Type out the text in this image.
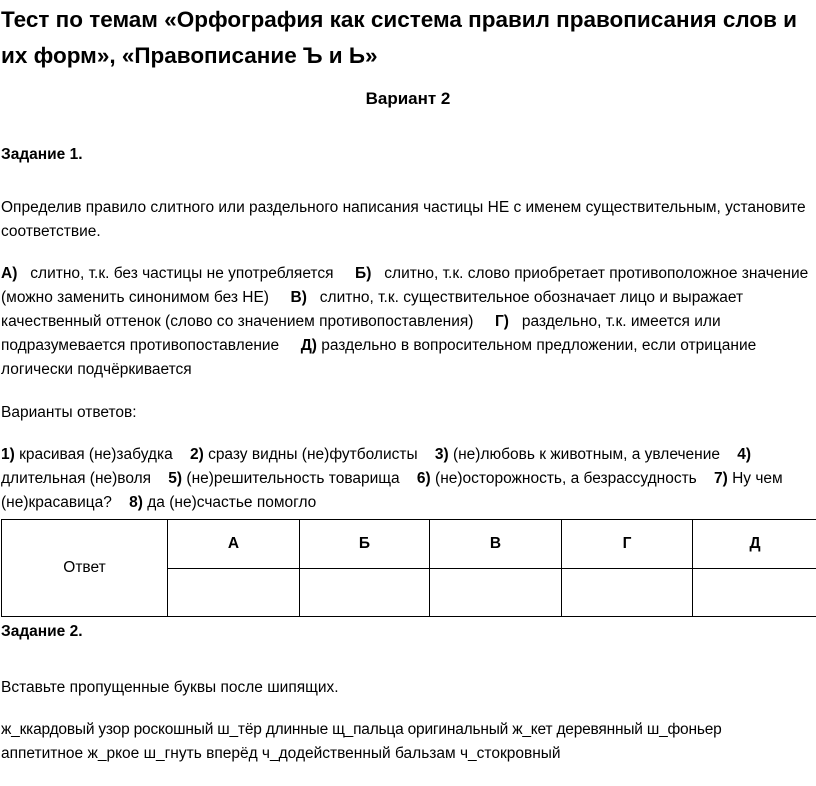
Тест по темам «Орфография как система правил правописания слов и их форм», «Правописание Ъ и Ь»
Вариант 2
Задание 1.
Определив правило слитного или раздельного написания частицы НЕ с именем существительным, установите соответствие.
А) слитно, т.к. без частицы не употребляется Б) слитно, т.к. слово приобретает противоположное значение (можно заменить синонимом без НЕ) В) слитно, т.к. существительное обозначает лицо и выражает качественный оттенок (слово со значением противопоставления) Г) раздельно, т.к. имеется или подразумевается противопоставление Д) раздельно в вопросительном предложении, если отрицание логически подчёркивается
Варианты ответов:
1) красивая (не)забудка 2) сразу видны (не)футболисты 3) (не)любовь к животным, а увлечение 4) длительная (не)воля 5) (не)решительность товарища 6) (не)осторожность, а безрассудность 7) Ну чем (не)красавица? 8) да (не)счастье помогло
Ответ	А	Б	В	Г	Д

Задание 2.
Вставьте пропущенные буквы после шипящих.
ж_ккардовый узор роскошный ш_тёр длинные щ_пальца оригинальный ж_кет деревянный ш_фоньер
аппетитное ж_ркое ш_гнуть вперёд ч_додейственный бальзам ч_стокровный
